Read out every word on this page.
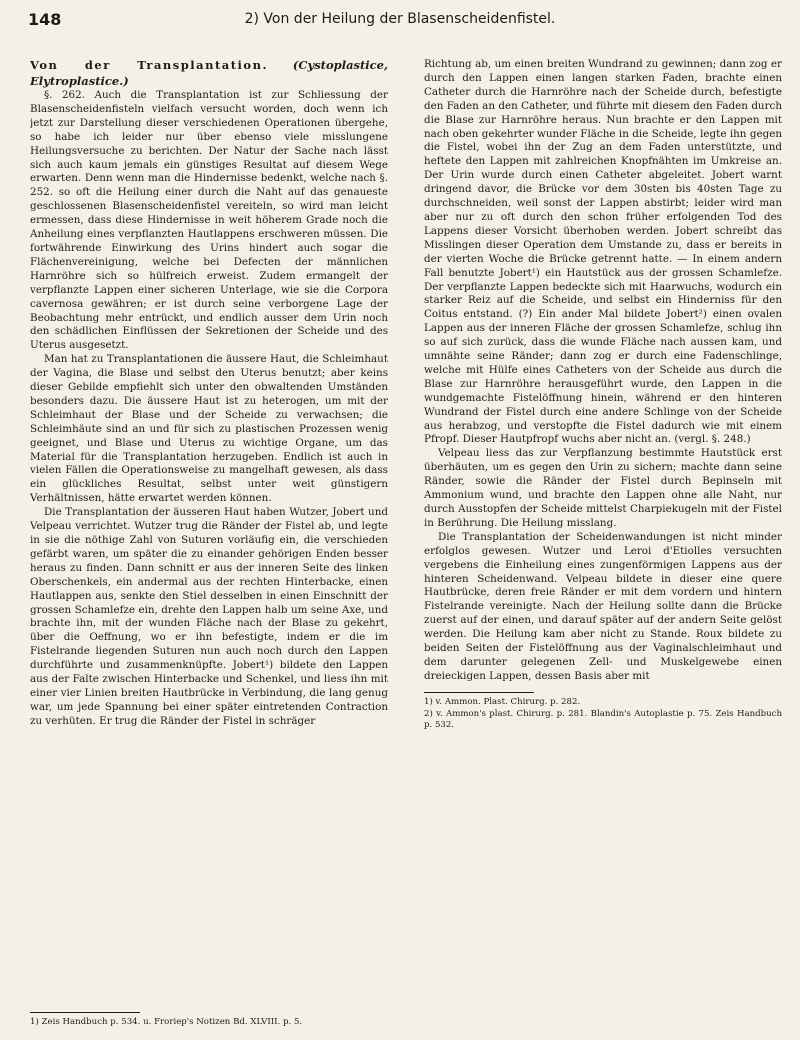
148	2) Von der Heilung der Blasenscheidenfistel.

Von der Transplantation. (Cystoplastice, Elytroplastice.)

§. 262. Auch die Transplantation ist zur Schliessung der Blasenscheidenfisteln vielfach versucht worden, doch wenn ich jetzt zur Darstellung dieser verschiedenen Operationen übergehe, so habe ich leider nur über ebenso viele misslungene Heilungsversuche zu berichten. Der Natur der Sache nach lässt sich auch kaum jemals ein günstiges Resultat auf diesem Wege erwarten. Denn wenn man die Hindernisse bedenkt, welche nach §. 252. so oft die Heilung einer durch die Naht auf das genaueste geschlossenen Blasenscheidenfistel vereiteln, so wird man leicht ermessen, dass diese Hindernisse in weit höherem Grade noch die Anheilung eines verpflanzten Hautlappens erschweren müssen. Die fortwährende Einwirkung des Urins hindert auch sogar die Flächenvereinigung, welche bei Defecten der männlichen Harnröhre sich so hülfreich erweist. Zudem ermangelt der verpflanzte Lappen einer sicheren Unterlage, wie sie die Corpora cavernosa gewähren; er ist durch seine verborgene Lage der Beobachtung mehr entrückt, und endlich ausser dem Urin noch den schädlichen Einflüssen der Sekretionen der Scheide und des Uterus ausgesetzt.

Man hat zu Transplantationen die äussere Haut, die Schleimhaut der Vagina, die Blase und selbst den Uterus benutzt; aber keins dieser Gebilde empfiehlt sich unter den obwaltenden Umständen besonders dazu. Die äussere Haut ist zu heterogen, um mit der Schleimhaut der Blase und der Scheide zu verwachsen; die Schleimhäute sind an und für sich zu plastischen Prozessen wenig geeignet, und Blase und Uterus zu wichtige Organe, um das Material für die Transplantation herzugeben. Endlich ist auch in vielen Fällen die Operationsweise zu mangelhaft gewesen, als dass ein glückliches Resultat, selbst unter weit günstigern Verhältnissen, hätte erwartet werden können.

Die Transplantation der äusseren Haut haben Wutzer, Jobert und Velpeau verrichtet. Wutzer trug die Ränder der Fistel ab, und legte in sie die nöthige Zahl von Suturen vorläufig ein, die verschieden gefärbt waren, um später die zu einander gehörigen Enden besser heraus zu finden. Dann schnitt er aus der inneren Seite des linken Oberschenkels, ein andermal aus der rechten Hinterbacke, einen Hautlappen aus, senkte den Stiel desselben in einen Einschnitt der grossen Schamlefze ein, drehte den Lappen halb um seine Axe, und brachte ihn, mit der wunden Fläche nach der Blase zu gekehrt, über die Oeffnung, wo er ihn befestigte, indem er die im Fistelrande liegenden Suturen nun auch noch durch den Lappen durchführte und zusammenknüpfte. Jobert¹) bildete den Lappen aus der Falte zwischen Hinterbacke und Schenkel, und liess ihn mit einer vier Linien breiten Hautbrücke in Verbindung, die lang genug war, um jede Spannung bei einer später eintretenden Contraction zu verhüten. Er trug die Ränder der Fistel in schräger

1) Zeis Handbuch p. 534. u. Froriep's Notizen Bd. XLVIII. p. 5.

Richtung ab, um einen breiten Wundrand zu gewinnen; dann zog er durch den Lappen einen langen starken Faden, brachte einen Catheter durch die Harnröhre nach der Scheide durch, befestigte den Faden an den Catheter, und führte mit diesem den Faden durch die Blase zur Harnröhre heraus. Nun brachte er den Lappen mit nach oben gekehrter wunder Fläche in die Scheide, legte ihn gegen die Fistel, wobei ihn der Zug an dem Faden unterstützte, und heftete den Lappen mit zahlreichen Knopfnähten im Umkreise an. Der Urin wurde durch einen Catheter abgeleitet. Jobert warnt dringend davor, die Brücke vor dem 30sten bis 40sten Tage zu durchschneiden, weil sonst der Lappen abstirbt; leider wird man aber nur zu oft durch den schon früher erfolgenden Tod des Lappens dieser Vorsicht überhoben werden. Jobert schreibt das Misslingen dieser Operation dem Umstande zu, dass er bereits in der vierten Woche die Brücke getrennt hatte. — In einem andern Fall benutzte Jobert¹) ein Hautstück aus der grossen Schamlefze. Der verpflanzte Lappen bedeckte sich mit Haarwuchs, wodurch ein starker Reiz auf die Scheide, und selbst ein Hinderniss für den Coitus entstand. (?) Ein ander Mal bildete Jobert²) einen ovalen Lappen aus der inneren Fläche der grossen Schamlefze, schlug ihn so auf sich zurück, dass die wunde Fläche nach aussen kam, und umnähte seine Ränder; dann zog er durch eine Fadenschlinge, welche mit Hülfe eines Catheters von der Scheide aus durch die Blase zur Harnröhre herausgeführt wurde, den Lappen in die wundgemachte Fistelöffnung hinein, während er den hinteren Wundrand der Fistel durch eine andere Schlinge von der Scheide aus herabzog, und verstopfte die Fistel dadurch wie mit einem Pfropf. Dieser Hautpfropf wuchs aber nicht an. (vergl. §. 248.)

Velpeau liess das zur Verpflanzung bestimmte Hautstück erst überhäuten, um es gegen den Urin zu sichern; machte dann seine Ränder, sowie die Ränder der Fistel durch Bepinseln mit Ammonium wund, und brachte den Lappen ohne alle Naht, nur durch Ausstopfen der Scheide mittelst Charpiekugeln mit der Fistel in Berührung. Die Heilung misslang.

Die Transplantation der Scheidenwandungen ist nicht minder erfolglos gewesen. Wutzer und Leroi d'Etiolles versuchten vergebens die Einheilung eines zungenförmigen Lappens aus der hinteren Scheidenwand. Velpeau bildete in dieser eine quere Hautbrücke, deren freie Ränder er mit dem vordern und hintern Fistelrande vereinigte. Nach der Heilung sollte dann die Brücke zuerst auf der einen, und darauf später auf der andern Seite gelöst werden. Die Heilung kam aber nicht zu Stande. Roux bildete zu beiden Seiten der Fistelöffnung aus der Vaginalschleimhaut und dem darunter gelegenen Zell- und Muskelgewebe einen dreieckigen Lappen, dessen Basis aber mit

1) v. Ammon. Plast. Chirurg. p. 282.

2) v. Ammon's plast. Chirurg. p. 281. Blandin's Autoplastie p. 75. Zeis Handbuch p. 532.
